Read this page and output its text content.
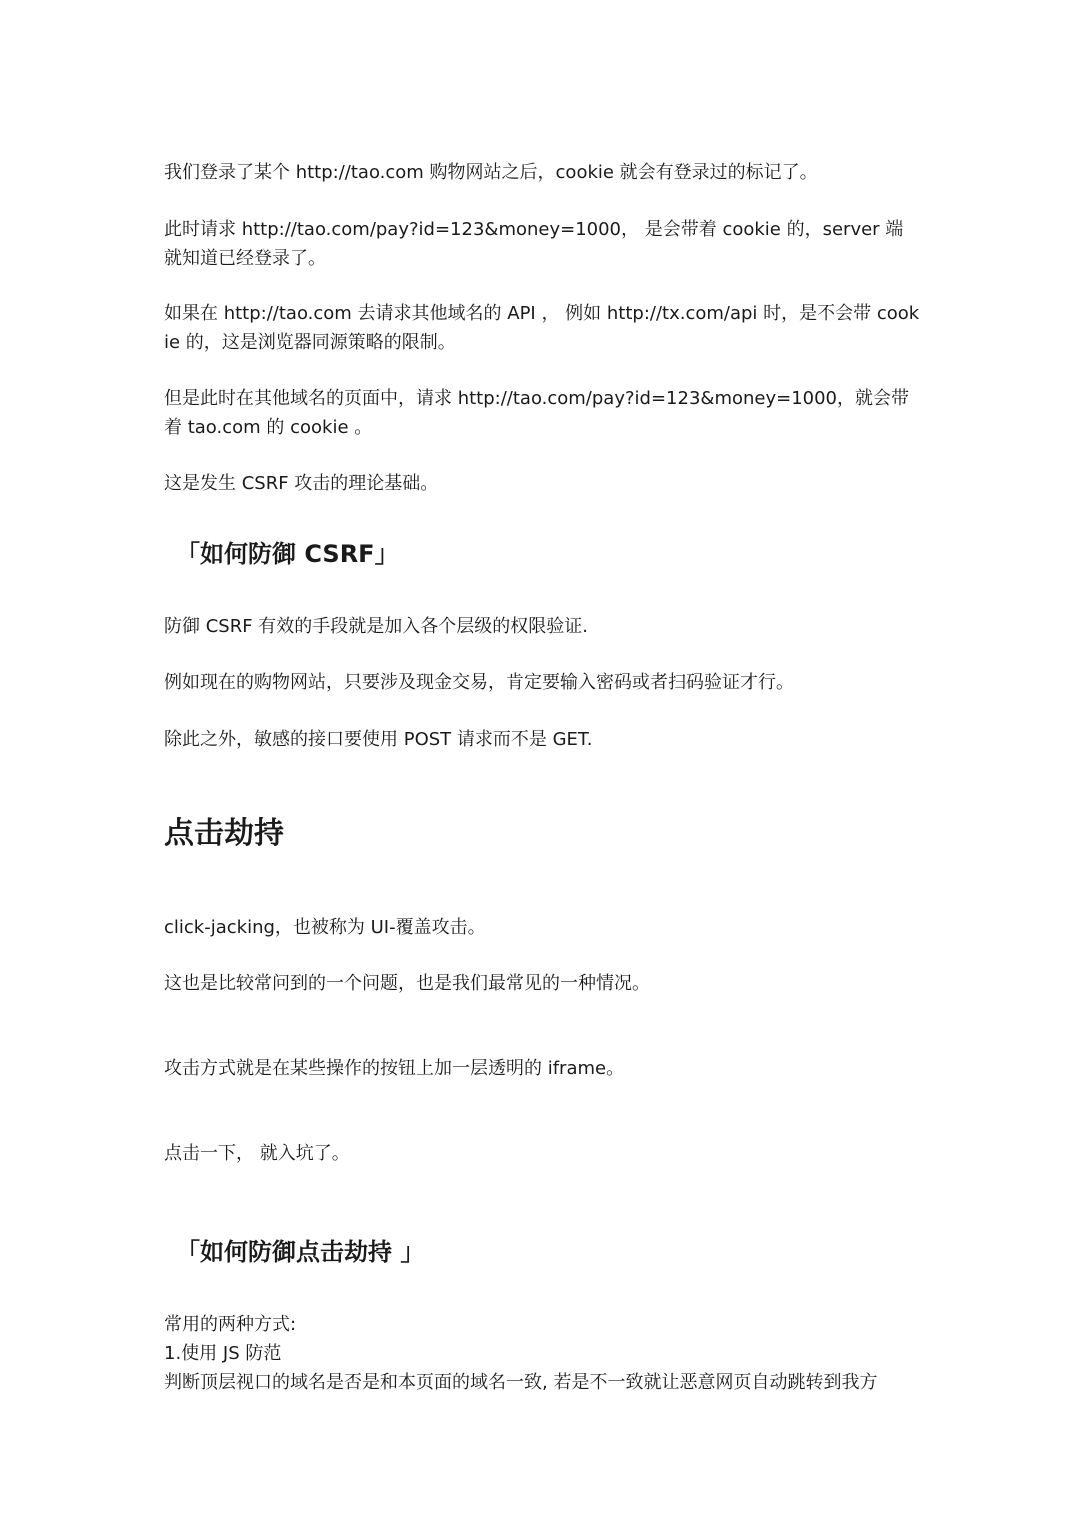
我们登录了某个 http://tao.com 购物网站之后，cookie 就会有登录过的标记了。

此时请求 http://tao.com/pay?id=123&money=1000， 是会带着 cookie 的，server 端就知道已经登录了。

如果在 http://tao.com 去请求其他域名的 API ， 例如 http://tx.com/api 时，是不会带 cookie 的，这是浏览器同源策略的限制。

但是此时在其他域名的页面中，请求 http://tao.com/pay?id=123&money=1000，就会带着 tao.com 的 cookie 。

这是发生 CSRF 攻击的理论基础。

「如何防御 CSRF」

防御 CSRF 有效的手段就是加入各个层级的权限验证.

例如现在的购物网站，只要涉及现金交易，肯定要输入密码或者扫码验证才行。

除此之外，敏感的接口要使用 POST 请求而不是 GET.

点击劫持

click-jacking，也被称为 UI-覆盖攻击。

这也是比较常问到的一个问题，也是我们最常见的一种情况。

攻击方式就是在某些操作的按钮上加一层透明的 iframe。

点击一下， 就入坑了。

「如何防御点击劫持 」

常用的两种方式:

1.使用 JS 防范

判断顶层视口的域名是否是和本页面的域名一致, 若是不一致就让恶意网页自动跳转到我方
